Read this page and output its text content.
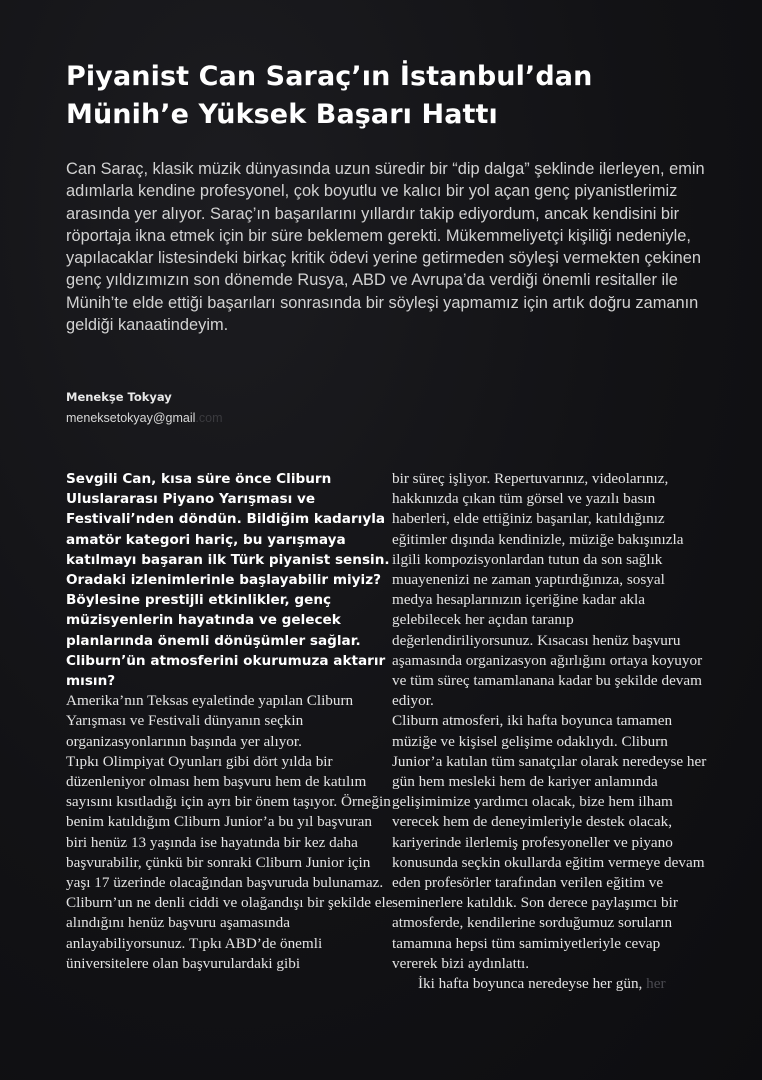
Piyanist Can Saraç’ın İstanbul’dan
Münih’e Yüksek Başarı Hattı
Can Saraç, klasik müzik dünyasında uzun süredir bir “dip dalga” şeklinde ilerleyen, emin adımlarla kendine profesyonel, çok boyutlu ve kalıcı bir yol açan genç piyanistlerimiz arasında yer alıyor. Saraç’ın başarılarını yıllardır takip ediyordum, ancak kendisini bir röportaja ikna etmek için bir süre beklemem gerekti. Mükemmeliyetçi kişiliği nedeniyle, yapılacaklar listesindeki birkaç kritik ödevi yerine getirmeden söyleşi vermekten çekinen genç yıldızımızın son dönemde Rusya, ABD ve Avrupa’da verdiği önemli resitaller ile Münih’te elde ettiği başarıları sonrasında bir söyleşi yapmamız için artık doğru zamanın geldiği kanaatindeyim.
Menekşe Tokyay
meneksetokyay@gmail.com

Sevgili Can, kısa süre önce Cliburn Uluslararası Piyano Yarışması ve Festivali’nden döndün. Bildiğim kadarıyla amatör kategori hariç, bu yarışmaya katılmayı başaran ilk Türk piyanist sensin. Oradaki izlenimlerinle başlayabilir miyiz? Böylesine prestijli etkinlikler, genç müzisyenlerin hayatında ve gelecek planlarında önemli dönüşümler sağlar. Cliburn’ün atmosferini okurumuza aktarır mısın?

Amerika’nın Teksas eyaletinde yapılan Cliburn Yarışması ve Festivali dünyanın seçkin organizasyonlarının başında yer alıyor.

Tıpkı Olimpiyat Oyunları gibi dört yılda bir düzenleniyor olması hem başvuru hem de katılım sayısını kısıtladığı için ayrı bir önem taşıyor. Örneğin benim katıldığım Cliburn Junior’a bu yıl başvuran biri henüz 13 yaşında ise hayatında bir kez daha başvurabilir, çünkü bir sonraki Cliburn Junior için yaşı 17 üzerinde olacağından başvuruda bulunamaz. Cliburn’un ne denli ciddi ve olağandışı bir şekilde ele alındığını henüz başvuru aşamasında anlayabiliyorsunuz. Tıpkı ABD’de önemli üniversitelere olan başvurulardaki gibi

bir süreç işliyor. Repertuvarınız, videolarınız, hakkınızda çıkan tüm görsel ve yazılı basın haberleri, elde ettiğiniz başarılar, katıldığınız eğitimler dışında kendinizle, müziğe bakışınızla ilgili kompozisyonlardan tutun da son sağlık muayenenizi ne zaman yaptırdığınıza, sosyal medya hesaplarınızın içeriğine kadar akla gelebilecek her açıdan taranıp değerlendiriliyorsunuz. Kısacası henüz başvuru aşamasında organizasyon ağırlığını ortaya koyuyor ve tüm süreç tamamlanana kadar bu şekilde devam ediyor.

Cliburn atmosferi, iki hafta boyunca tamamen müziğe ve kişisel gelişime odaklıydı. Cliburn Junior’a katılan tüm sanatçılar olarak neredeyse her gün hem mesleki hem de kariyer anlamında gelişimimize yardımcı olacak, bize hem ilham verecek hem de deneyimleriyle destek olacak, kariyerinde ilerlemiş profesyoneller ve piyano konusunda seçkin okullarda eğitim vermeye devam eden profesörler tarafından verilen eğitim ve seminerlere katıldık. Son derece paylaşımcı bir atmosferde, kendilerine sorduğumuz soruların tamamına hepsi tüm samimiyetleriyle cevap vererek bizi aydınlattı.

İki hafta boyunca neredeyse her gün, her
